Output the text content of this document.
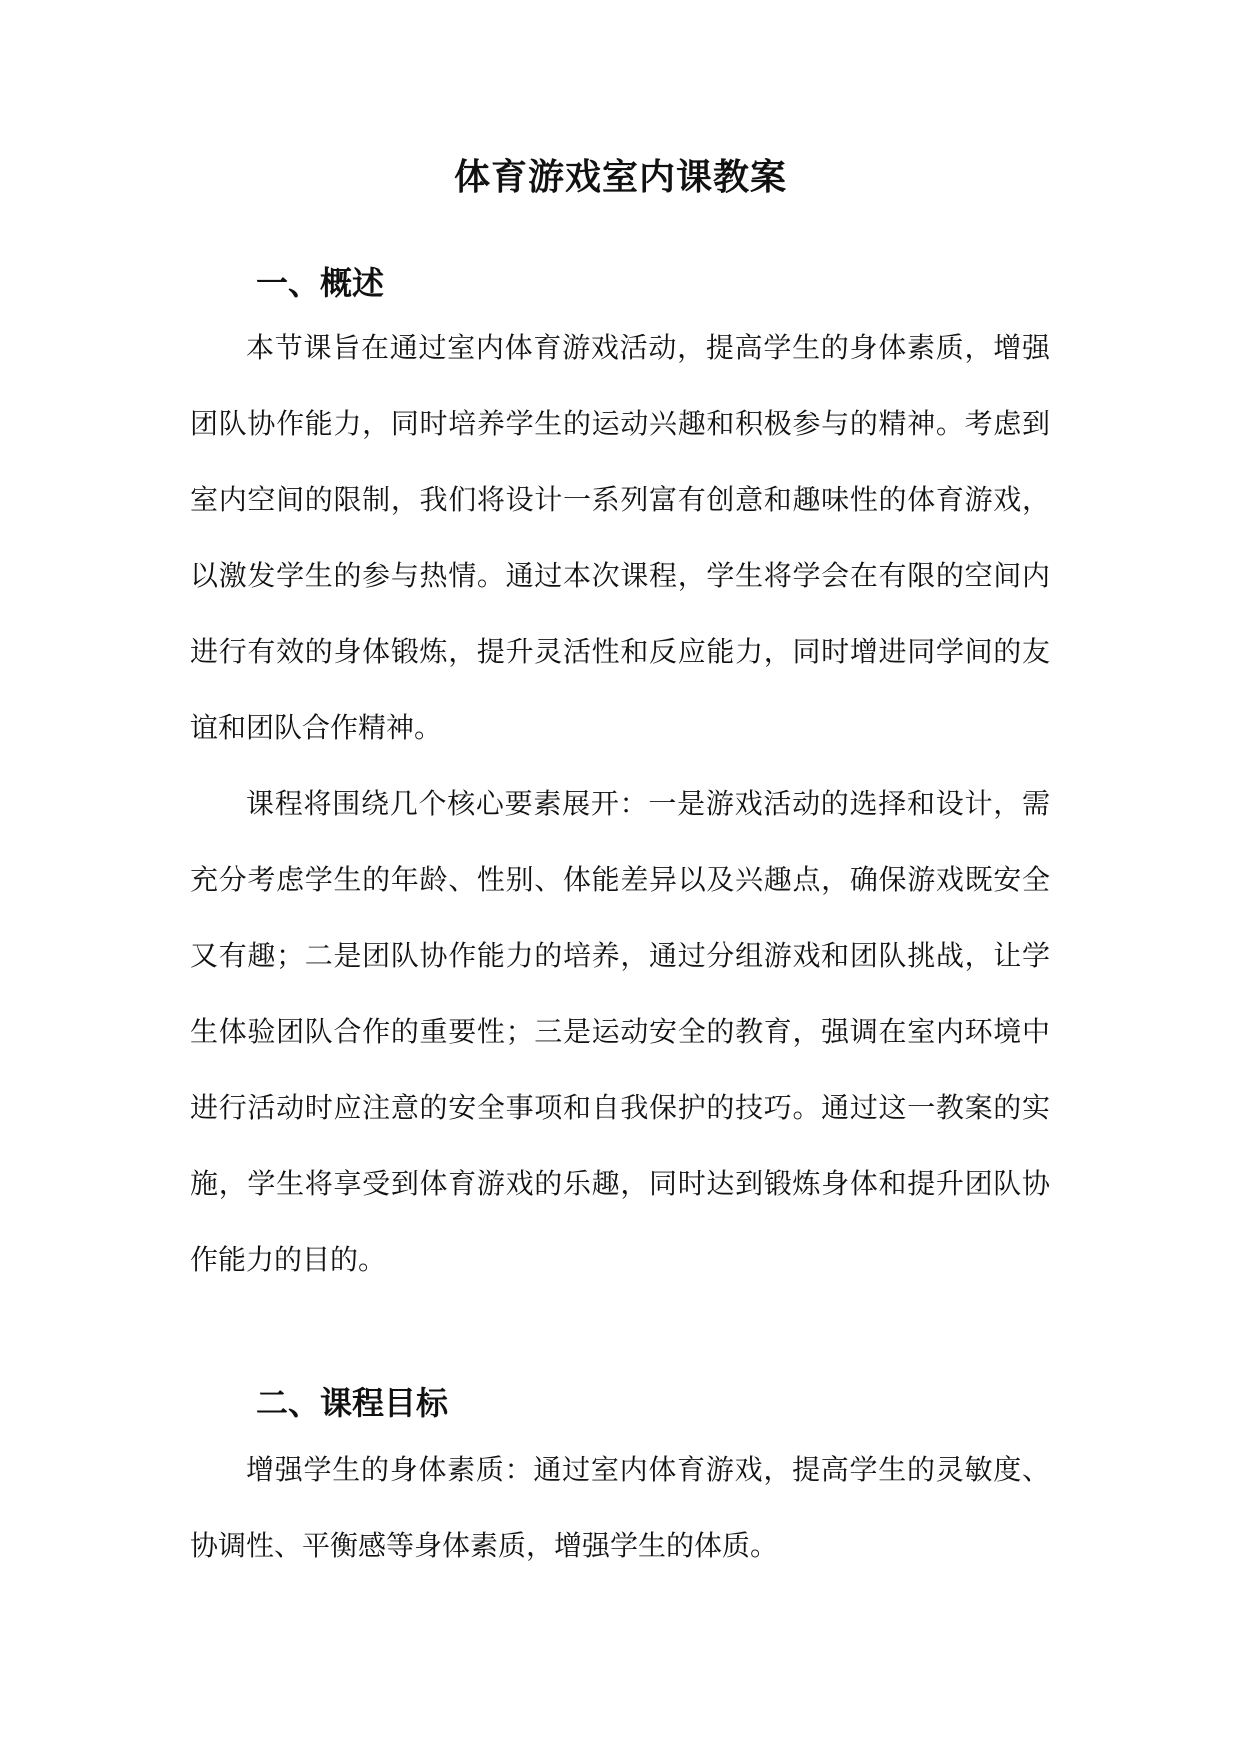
体育游戏室内课教案
一、概述

本节课旨在通过室内体育游戏活动，提高学生的身体素质，增强
团队协作能力，同时培养学生的运动兴趣和积极参与的精神。考虑到
室内空间的限制，我们将设计一系列富有创意和趣味性的体育游戏，
以激发学生的参与热情。通过本次课程，学生将学会在有限的空间内
进行有效的身体锻炼，提升灵活性和反应能力，同时增进同学间的友
谊和团队合作精神。

课程将围绕几个核心要素展开：一是游戏活动的选择和设计，需
充分考虑学生的年龄、性别、体能差异以及兴趣点，确保游戏既安全
又有趣；二是团队协作能力的培养，通过分组游戏和团队挑战，让学
生体验团队合作的重要性；三是运动安全的教育，强调在室内环境中
进行活动时应注意的安全事项和自我保护的技巧。通过这一教案的实
施，学生将享受到体育游戏的乐趣，同时达到锻炼身体和提升团队协
作能力的目的。

二、课程目标

增强学生的身体素质：通过室内体育游戏，提高学生的灵敏度、
协调性、平衡感等身体素质，增强学生的体质。
